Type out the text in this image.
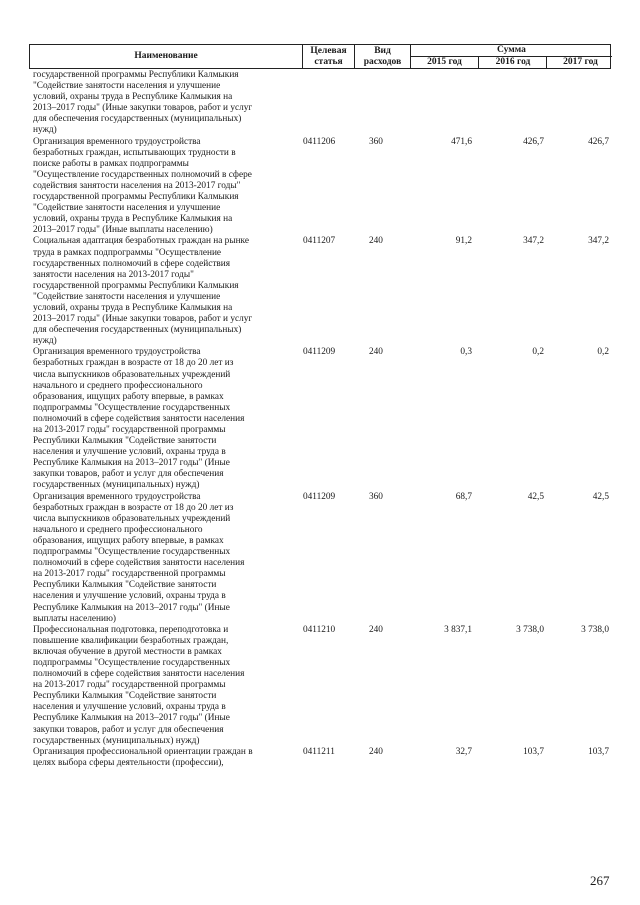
Наименование	Целевая статья
Вид расходов
Сумма
2015 год	2016 год	2017 год
государственной программы Республики Калмыкия
"Содействие занятости населения и улучшение
условий, охраны труда в Республике Калмыкия на
2013–2017 годы" (Иные закупки товаров, работ и услуг
для обеспечения государственных (муниципальных)
нужд)
Организация временного трудоустройства
безработных граждан, испытывающих трудности в
поиске работы в рамках подпрограммы
"Осуществление государственных полномочий в сфере
содействия занятости населения на 2013-2017 годы"
государственной программы Республики Калмыкия
"Содействие занятости населения и улучшение
условий, охраны труда в Республике Калмыкия на
2013–2017 годы" (Иные выплаты населению)
0411206	360	471,6	426,7	426,7
Социальная адаптация безработных граждан на рынке
труда в рамках подпрограммы "Осуществление
государственных полномочий в сфере содействия
занятости населения на 2013-2017 годы"
государственной программы Республики Калмыкия
"Содействие занятости населения и улучшение
условий, охраны труда в Республике Калмыкия на
2013–2017 годы" (Иные закупки товаров, работ и услуг
для обеспечения государственных (муниципальных)
нужд)
0411207	240	91,2	347,2	347,2
Организация временного трудоустройства
безработных граждан в возрасте от 18 до 20 лет из
числа выпускников образовательных учреждений
начального и среднего профессионального
образования, ищущих работу впервые, в рамках
подпрограммы "Осуществление государственных
полномочий в сфере содействия занятости населения
на 2013-2017 годы" государственной программы
Республики Калмыкия "Содействие занятости
населения и улучшение условий, охраны труда в
Республике Калмыкия на 2013–2017 годы" (Иные
закупки товаров, работ и услуг для обеспечения
государственных (муниципальных) нужд)
0411209	240	0,3	0,2	0,2
Организация временного трудоустройства
безработных граждан в возрасте от 18 до 20 лет из
числа выпускников образовательных учреждений
начального и среднего профессионального
образования, ищущих работу впервые, в рамках
подпрограммы "Осуществление государственных
полномочий в сфере содействия занятости населения
на 2013-2017 годы" государственной программы
Республики Калмыкия "Содействие занятости
населения и улучшение условий, охраны труда в
Республике Калмыкия на 2013–2017 годы" (Иные
выплаты населению)
0411209	360	68,7	42,5	42,5
Профессиональная подготовка, переподготовка и
повышение квалификации безработных граждан,
включая обучение в другой местности в рамках
подпрограммы "Осуществление государственных
полномочий в сфере содействия занятости населения
на 2013-2017 годы" государственной программы
Республики Калмыкия "Содействие занятости
населения и улучшение условий, охраны труда в
Республике Калмыкия на 2013–2017 годы" (Иные
закупки товаров, работ и услуг для обеспечения
государственных (муниципальных) нужд)
0411210	240	3 837,1	3 738,0	3 738,0
Организация профессиональной ориентации граждан в
целях выбора сферы деятельности (профессии),
0411211	240	32,7	103,7	103,7
267
